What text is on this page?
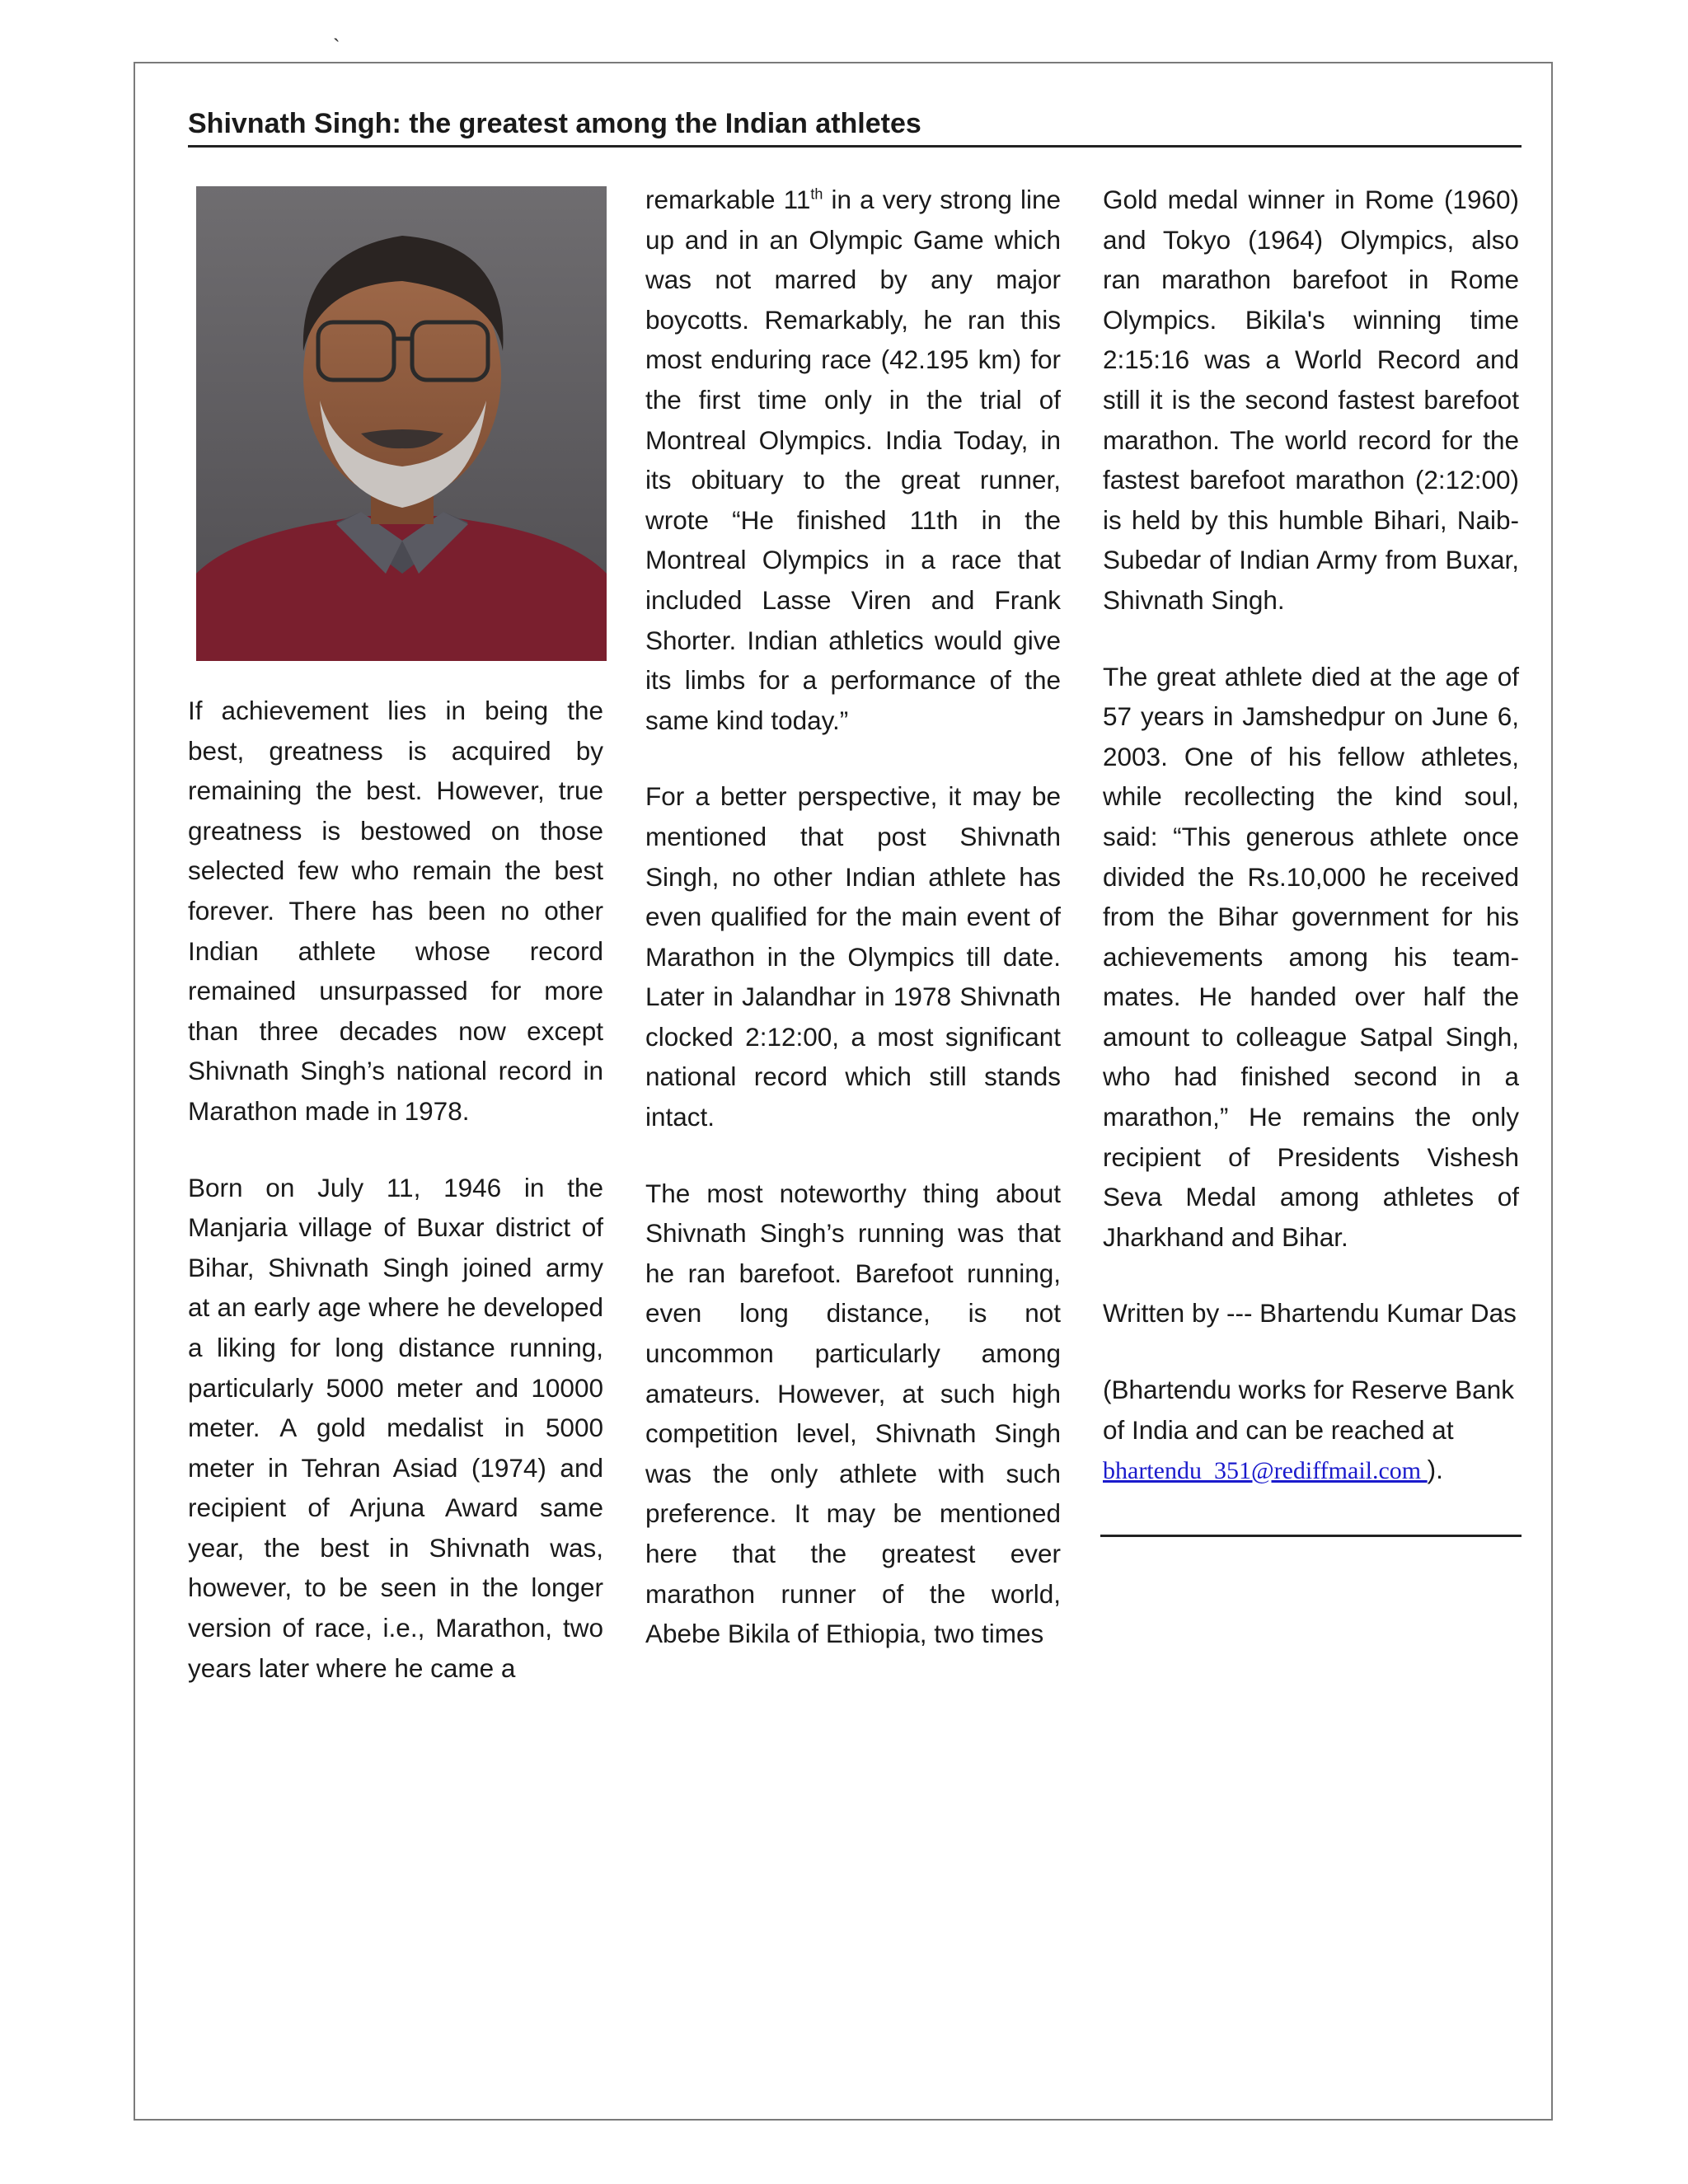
`
Shivnath Singh: the greatest among the Indian athletes

If achievement lies in being the best, greatness is acquired by remaining the best. However, true greatness is bestowed on those selected few who remain the best forever. There has been no other Indian athlete whose record remained unsurpassed for more than three decades now except Shivnath Singh’s national record in Marathon made in 1978.

Born on July 11, 1946 in the Manjaria village of Buxar district of Bihar, Shivnath Singh joined army at an early age where he developed a liking for long distance running, particularly 5000 meter and 10000 meter. A gold medalist in 5000 meter in Tehran Asiad (1974) and recipient of Arjuna Award same year, the best in Shivnath was, however, to be seen in the longer version of race, i.e., Marathon, two years later where he came a

remarkable 11th in a very strong line up and in an Olympic Game which was not marred by any major boycotts. Remarkably, he ran this most enduring race (42.195 km) for the first time only in the trial of Montreal Olympics. India Today, in its obituary to the great runner, wrote “He finished 11th in the Montreal Olympics in a race that included Lasse Viren and Frank Shorter. Indian athletics would give its limbs for a performance of the same kind today.”

For a better perspective, it may be mentioned that post Shivnath Singh, no other Indian athlete has even qualified for the main event of Marathon in the Olympics till date. Later in Jalandhar in 1978 Shivnath clocked 2:12:00, a most significant national record which still stands intact.

The most noteworthy thing about Shivnath Singh’s running was that he ran barefoot. Barefoot running, even long distance, is not uncommon particularly among amateurs. However, at such high competition level, Shivnath Singh was the only athlete with such preference. It may be mentioned here that the greatest ever marathon runner of the world, Abebe Bikila of Ethiopia, two times

Gold medal winner in Rome (1960) and Tokyo (1964) Olympics, also ran marathon barefoot in Rome Olympics. Bikila's winning time 2:15:16 was a World Record and still it is the second fastest barefoot marathon. The world record for the fastest barefoot marathon (2:12:00) is held by this humble Bihari, Naib-Subedar of Indian Army from Buxar, Shivnath Singh.

The great athlete died at the age of 57 years in Jamshedpur on June 6, 2003. One of his fellow athletes, while recollecting the kind soul, said: “This generous athlete once divided the Rs.10,000 he received from the Bihar government for his achievements among his team-mates. He handed over half the amount to colleague Satpal Singh, who had finished second in a marathon,” He remains the only recipient of Presidents Vishesh Seva Medal among athletes of Jharkhand and Bihar.

Written by --- Bhartendu Kumar Das

(Bhartendu works for Reserve Bank of India and can be reached at
bhartendu_351@rediffmail.com ).
